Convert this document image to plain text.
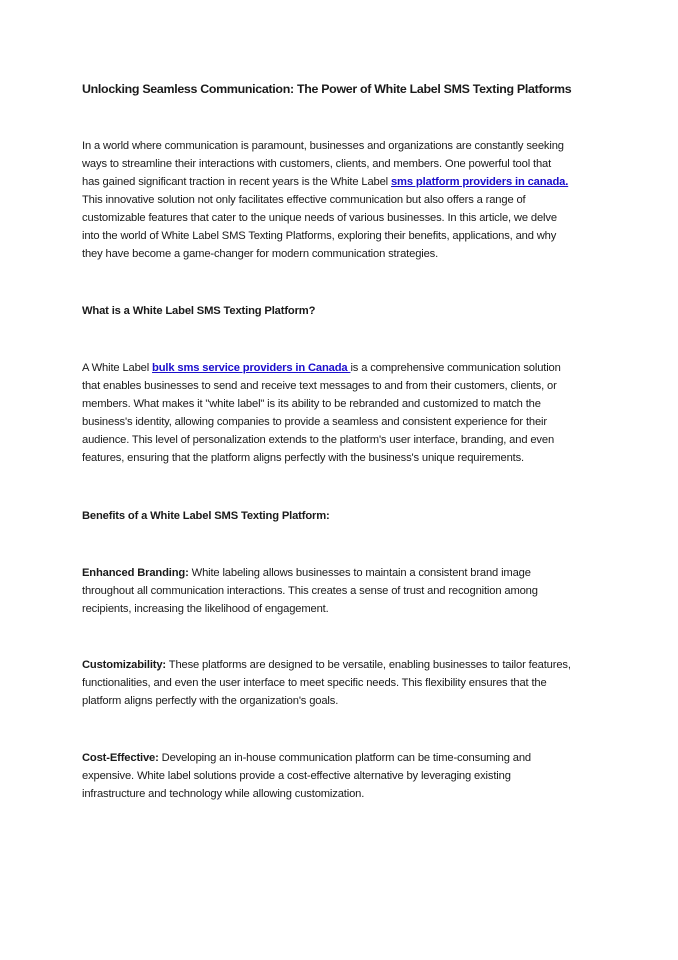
Unlocking Seamless Communication: The Power of White Label SMS Texting Platforms
In a world where communication is paramount, businesses and organizations are constantly seeking
ways to streamline their interactions with customers, clients, and members. One powerful tool that
has gained significant traction in recent years is the White Label sms platform providers in canada.
This innovative solution not only facilitates effective communication but also offers a range of
customizable features that cater to the unique needs of various businesses. In this article, we delve
into the world of White Label SMS Texting Platforms, exploring their benefits, applications, and why
they have become a game-changer for modern communication strategies.
What is a White Label SMS Texting Platform?
A White Label bulk sms service providers in Canada is a comprehensive communication solution
that enables businesses to send and receive text messages to and from their customers, clients, or
members. What makes it "white label" is its ability to be rebranded and customized to match the
business's identity, allowing companies to provide a seamless and consistent experience for their
audience. This level of personalization extends to the platform's user interface, branding, and even
features, ensuring that the platform aligns perfectly with the business's unique requirements.
Benefits of a White Label SMS Texting Platform:
Enhanced Branding: White labeling allows businesses to maintain a consistent brand image
throughout all communication interactions. This creates a sense of trust and recognition among
recipients, increasing the likelihood of engagement.
Customizability: These platforms are designed to be versatile, enabling businesses to tailor features,
functionalities, and even the user interface to meet specific needs. This flexibility ensures that the
platform aligns perfectly with the organization's goals.
Cost-Effective: Developing an in-house communication platform can be time-consuming and
expensive. White label solutions provide a cost-effective alternative by leveraging existing
infrastructure and technology while allowing customization.
